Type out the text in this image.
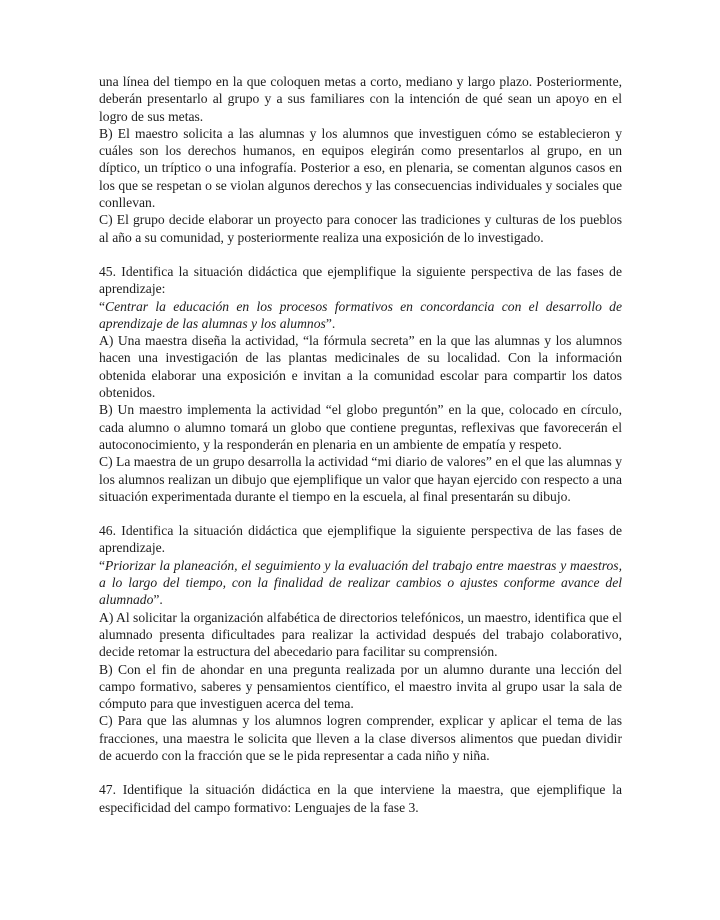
una línea del tiempo en la que coloquen metas a corto, mediano y largo plazo. Posteriormente, deberán presentarlo al grupo y a sus familiares con la intención de qué sean un apoyo en el logro de sus metas.

B) El maestro solicita a las alumnas y los alumnos que investiguen cómo se establecieron y cuáles son los derechos humanos, en equipos elegirán como presentarlos al grupo, en un díptico, un tríptico o una infografía. Posterior a eso, en plenaria, se comentan algunos casos en los que se respetan o se violan algunos derechos y las consecuencias individuales y sociales que conllevan.

C) El grupo decide elaborar un proyecto para conocer las tradiciones y culturas de los pueblos al año a su comunidad, y posteriormente realiza una exposición de lo investigado.

45. Identifica la situación didáctica que ejemplifique la siguiente perspectiva de las fases de aprendizaje:

“Centrar la educación en los procesos formativos en concordancia con el desarrollo de aprendizaje de las alumnas y los alumnos”.

A) Una maestra diseña la actividad, “la fórmula secreta” en la que las alumnas y los alumnos hacen una investigación de las plantas medicinales de su localidad. Con la información obtenida elaborar una exposición e invitan a la comunidad escolar para compartir los datos obtenidos.

B) Un maestro implementa la actividad “el globo preguntón” en la que, colocado en círculo, cada alumno o alumno tomará un globo que contiene preguntas, reflexivas que favorecerán el autoconocimiento, y la responderán en plenaria en un ambiente de empatía y respeto.

C) La maestra de un grupo desarrolla la actividad “mi diario de valores” en el que las alumnas y los alumnos realizan un dibujo que ejemplifique un valor que hayan ejercido con respecto a una situación experimentada durante el tiempo en la escuela, al final presentarán su dibujo.

46. Identifica la situación didáctica que ejemplifique la siguiente perspectiva de las fases de aprendizaje.

“Priorizar la planeación, el seguimiento y la evaluación del trabajo entre maestras y maestros, a lo largo del tiempo, con la finalidad de realizar cambios o ajustes conforme avance del alumnado”.

A) Al solicitar la organización alfabética de directorios telefónicos, un maestro, identifica que el alumnado presenta dificultades para realizar la actividad después del trabajo colaborativo, decide retomar la estructura del abecedario para facilitar su comprensión.

B) Con el fin de ahondar en una pregunta realizada por un alumno durante una lección del campo formativo, saberes y pensamientos científico, el maestro invita al grupo usar la sala de cómputo para que investiguen acerca del tema.

C) Para que las alumnas y los alumnos logren comprender, explicar y aplicar el tema de las fracciones, una maestra le solicita que lleven a la clase diversos alimentos que puedan dividir de acuerdo con la fracción que se le pida representar a cada niño y niña.

47. Identifique la situación didáctica en la que interviene la maestra, que ejemplifique la especificidad del campo formativo: Lenguajes de la fase 3.
